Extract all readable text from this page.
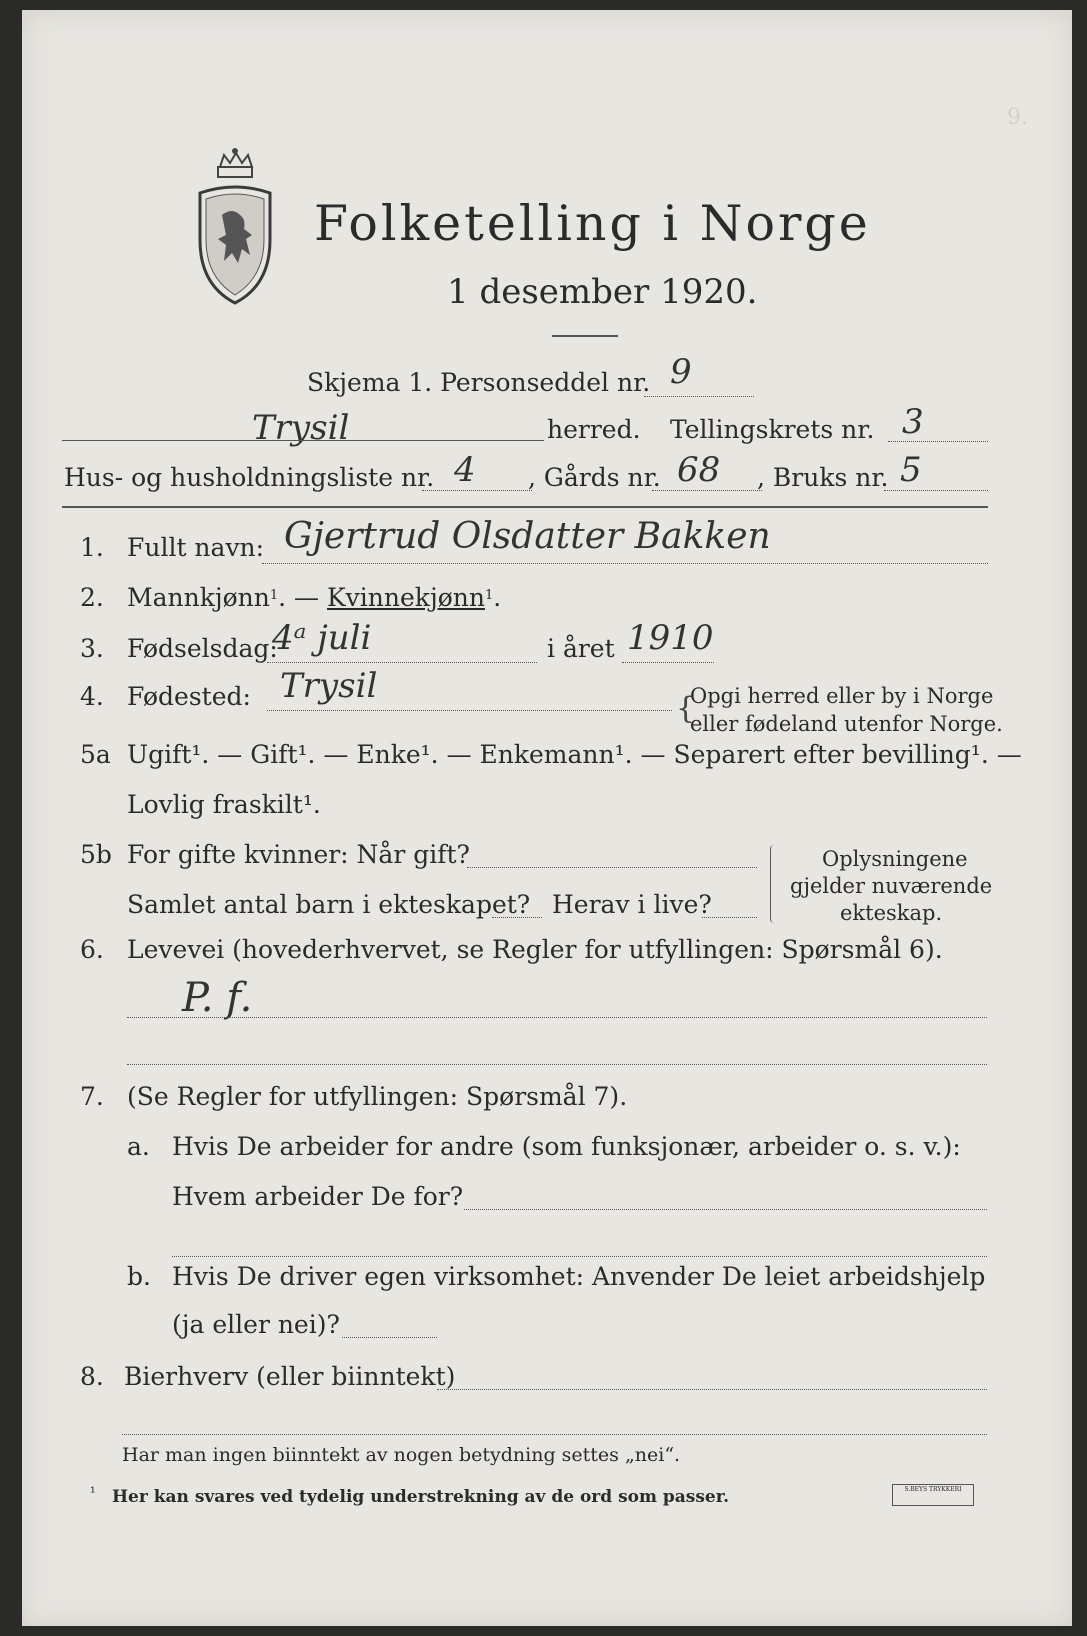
9.
Folketelling i Norge
1 desember 1920.
Skjema 1. Personseddel nr. 9
Trysil	herred. Tellingskrets nr. 3
Hus- og husholdningsliste nr. 4 , Gårds nr. 68 , Bruks nr. 5
1. Fullt navn: Gjertrud Olsdatter Bakken
2. Mannkjønn$^1$. — Kvinnekjønn$^1$.
3. Fødselsdag:
4ᵃ juli	i året 1910
4. Fødested: Trysil
{
Opgi herred eller by i Norge
eller fødeland utenfor Norge.
5a Ugift¹. — Gift¹. — Enke¹. — Enkemann¹. — Separert efter bevilling¹. —
Lovlig fraskilt¹.
5b For gifte kvinner: Når gift?
Samlet antal barn i ekteskapet? Herav i live?
Oplysningene
gjelder nuværende
ekteskap.
6. Levevei (hovederhvervet, se Regler for utfyllingen: Spørsmål 6).
P. f.
7. (Se Regler for utfyllingen: Spørsmål 7).
a. Hvis De arbeider for andre (som funksjonær, arbeider o. s. v.):
Hvem arbeider De for?
b. Hvis De driver egen virksomhet: Anvender De leiet arbeidshjelp
(ja eller nei)?
8. Bierhverv (eller biinntekt)
Har man ingen biinntekt av nogen betydning settes „nei“.
¹ Her kan svares ved tydelig understrekning av de ord som passer.	S.BEYS TRYKKERI
